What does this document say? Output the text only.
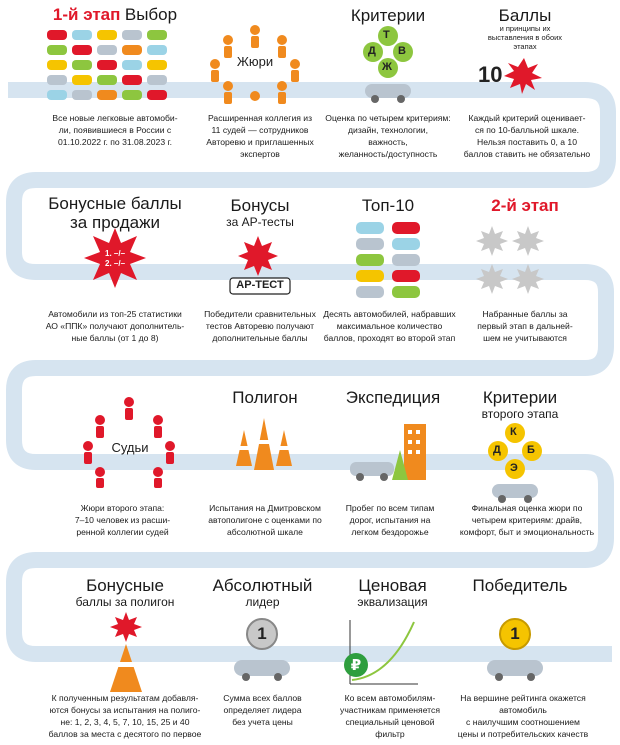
1-й этап Выбор
Все новые легковые автомоби-
ли, появившиеся в России с
01.10.2022 г. по 31.08.2023 г.
Жюри
Расширенная коллегия из
11 судей — сотрудников
Авторевю и приглашенных
экспертов
Критерии
Т
Д В
Ж
Оценка по четырем критериям:
дизайн, технологии,
важность,
желанность/доступность
Баллы
и принципы их
выставления в обоих
этапах
10
Каждый критерий оценивает-
ся по 10-балльной шкале.
Нельзя поставить 0, а 10
баллов ставить не обязательно
Бонусные баллы
за продажи
1. –/–
2. –/–
Автомобили из топ-25 статистики
АО «ППК» получают дополнитель-
ные баллы (от 1 до 8)
Бонусы
за АР-тесты
АР-ТЕСТ
Победители сравнительных
тестов Авторевю получают
дополнительные баллы
Топ-10
Десять автомобилей, набравших
максимальное количество
баллов, проходят во второй этап
2-й этап
Набранные баллы за
первый этап в дальней-
шем не учитываются
Судьи
Жюри второго этапа:
7–10 человек из расши-
ренной коллегии судей
Полигон
Испытания на Дмитровском
автополигоне с оценками по
абсолютной шкале
Экспедиция
Пробег по всем типам
дорог, испытания на
легком бездорожье
Критерии
второго этапа
К
Д Б
Э
Финальная оценка жюри по
четырем критериям: драйв,
комфорт, быт и эмоциональность
Бонусные
баллы за полигон
К полученным результатам добавля-
ются бонусы за испытания на полиго-
не: 1, 2, 3, 4, 5, 7, 10, 15, 25 и 40
баллов за места с десятого по первое
Абсолютный
лидер
1
Сумма всех баллов
определяет лидера
без учета цены
Ценовая
эквализация
₽
Ко всем автомобилям-
участникам применяется
специальный ценовой
фильтр
Победитель
1
На вершине рейтинга окажется
автомобиль
с наилучшим соотношением
цены и потребительских качеств
